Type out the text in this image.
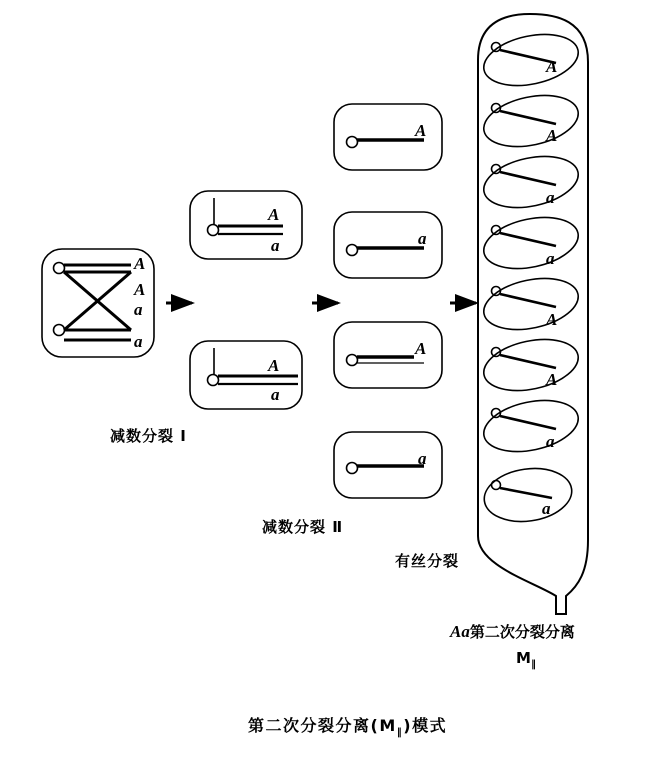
A
A
a
a
A
a
A
a
A
a
A
a
A
A
a
a
A
A
a
a
减数分裂 Ⅰ
减数分裂 Ⅱ
有丝分裂
Aa第二次分裂分离
$M_‖$
第二次分裂分离$(M_‖)$模式
